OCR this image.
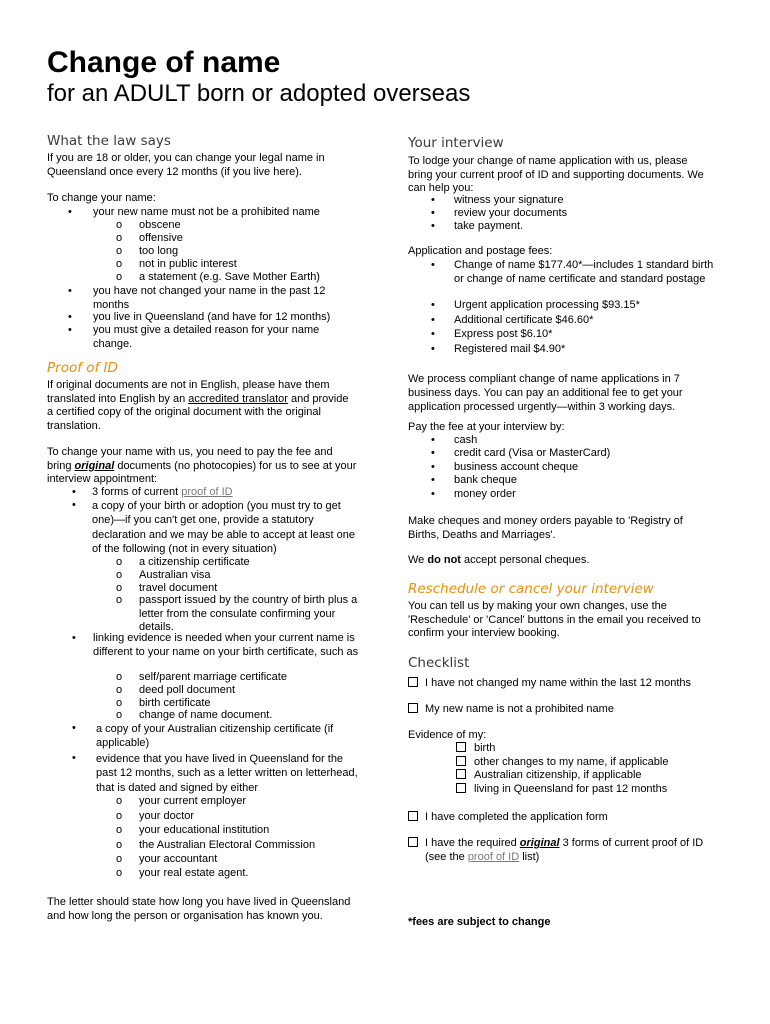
Change of name
for an ADULT born or adopted overseas
What the law says
If you are 18 or older, you can change your legal name in Queensland once every 12 months (if you live here).
To change your name:
• your new name must not be a prohibited name
o obscene
o offensive
o too long
o not in public interest
o a statement (e.g. Save Mother Earth)
• you have not changed your name in the past 12 months
• you live in Queensland (and have for 12 months)
• you must give a detailed reason for your name change.
Proof of ID
If original documents are not in English, please have them translated into English by an accredited translator and provide a certified copy of the original document with the original translation.
To change your name with us, you need to pay the fee and bring original documents (no photocopies) for us to see at your interview appointment:
• 3 forms of current proof of ID
• a copy of your birth or adoption (you must try to get one)—if you can't get one, provide a statutory declaration and we may be able to accept at least one of the following (not in every situation)
o a citizenship certificate
o Australian visa
o travel document
o passport issued by the country of birth plus a letter from the consulate confirming your details.
• linking evidence is needed when your current name is different to your name on your birth certificate, such as
o self/parent marriage certificate
o deed poll document
o birth certificate
o change of name document.
• a copy of your Australian citizenship certificate (if applicable)
• evidence that you have lived in Queensland for the past 12 months, such as a letter written on letterhead, that is dated and signed by either
o your current employer
o your doctor
o your educational institution
o the Australian Electoral Commission
o your accountant
o your real estate agent.
The letter should state how long you have lived in Queensland and how long the person or organisation has known you.
Your interview
To lodge your change of name application with us, please bring your current proof of ID and supporting documents. We can help you:
• witness your signature
• review your documents
• take payment.
Application and postage fees:
• Change of name $177.40*—includes 1 standard birth or change of name certificate and standard postage
• Urgent application processing $93.15*
• Additional certificate $46.60*
• Express post $6.10*
• Registered mail $4.90*
We process compliant change of name applications in 7 business days. You can pay an additional fee to get your application processed urgently—within 3 working days.
Pay the fee at your interview by:
• cash
• credit card (Visa or MasterCard)
• business account cheque
• bank cheque
• money order
Make cheques and money orders payable to 'Registry of Births, Deaths and Marriages'.
We do not accept personal cheques.
Reschedule or cancel your interview
You can tell us by making your own changes, use the 'Reschedule' or 'Cancel' buttons in the email you received to confirm your interview booking.
Checklist
I have not changed my name within the last 12 months
My new name is not a prohibited name
Evidence of my:
birth
other changes to my name, if applicable
Australian citizenship, if applicable
living in Queensland for past 12 months
I have completed the application form
I have the required original 3 forms of current proof of ID
(see the proof of ID list)
*fees are subject to change
